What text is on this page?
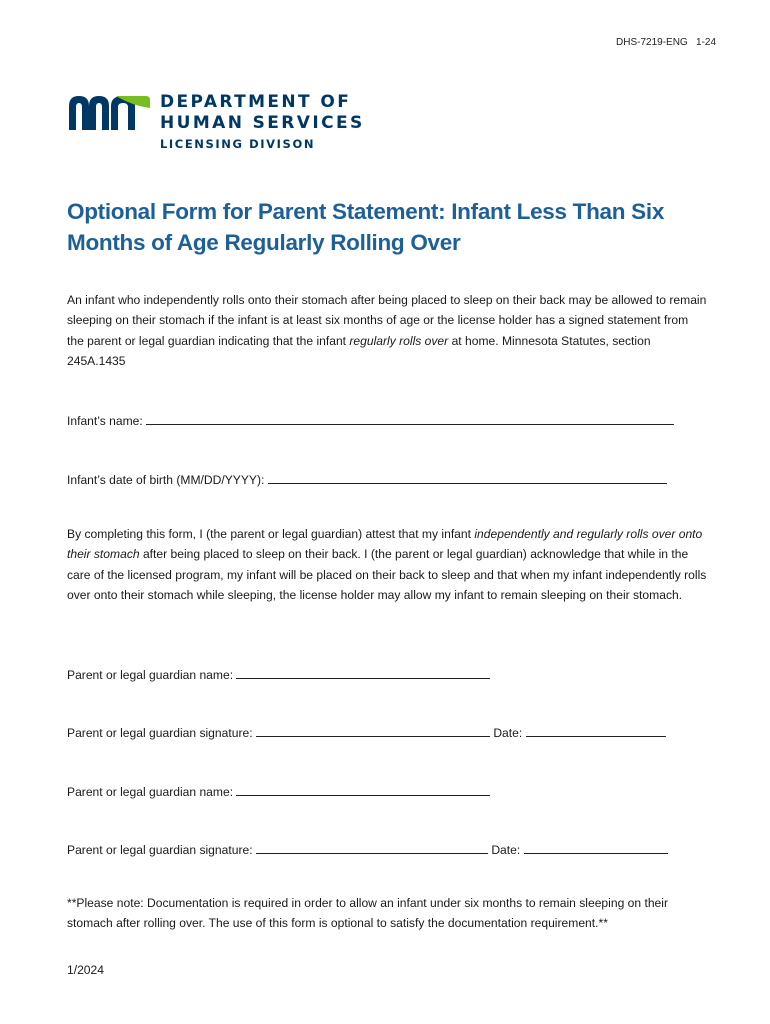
DHS-7219-ENG   1-24
DEPARTMENT OF
HUMAN SERVICES
LICENSING DIVISON
Optional Form for Parent Statement: Infant Less Than Six
Months of Age Regularly Rolling Over
An infant who independently rolls onto their stomach after being placed to sleep on their back may be allowed to remain sleeping on their stomach if the infant is at least six months of age or the license holder has a signed statement from the parent or legal guardian indicating that the infant regularly rolls over at home. Minnesota Statutes, section 245A.1435
Infant’s name:
Infant’s date of birth (MM/DD/YYYY):
By completing this form, I (the parent or legal guardian) attest that my infant independently and regularly rolls over onto their stomach after being placed to sleep on their back. I (the parent or legal guardian) acknowledge that while in the care of the licensed program, my infant will be placed on their back to sleep and that when my infant independently rolls over onto their stomach while sleeping, the license holder may allow my infant to remain sleeping on their stomach.
Parent or legal guardian name:
Parent or legal guardian signature:	Date:
Parent or legal guardian name:
Parent or legal guardian signature:	Date:
**Please note: Documentation is required in order to allow an infant under six months to remain sleeping on their stomach after rolling over. The use of this form is optional to satisfy the documentation requirement.**
1/2024
